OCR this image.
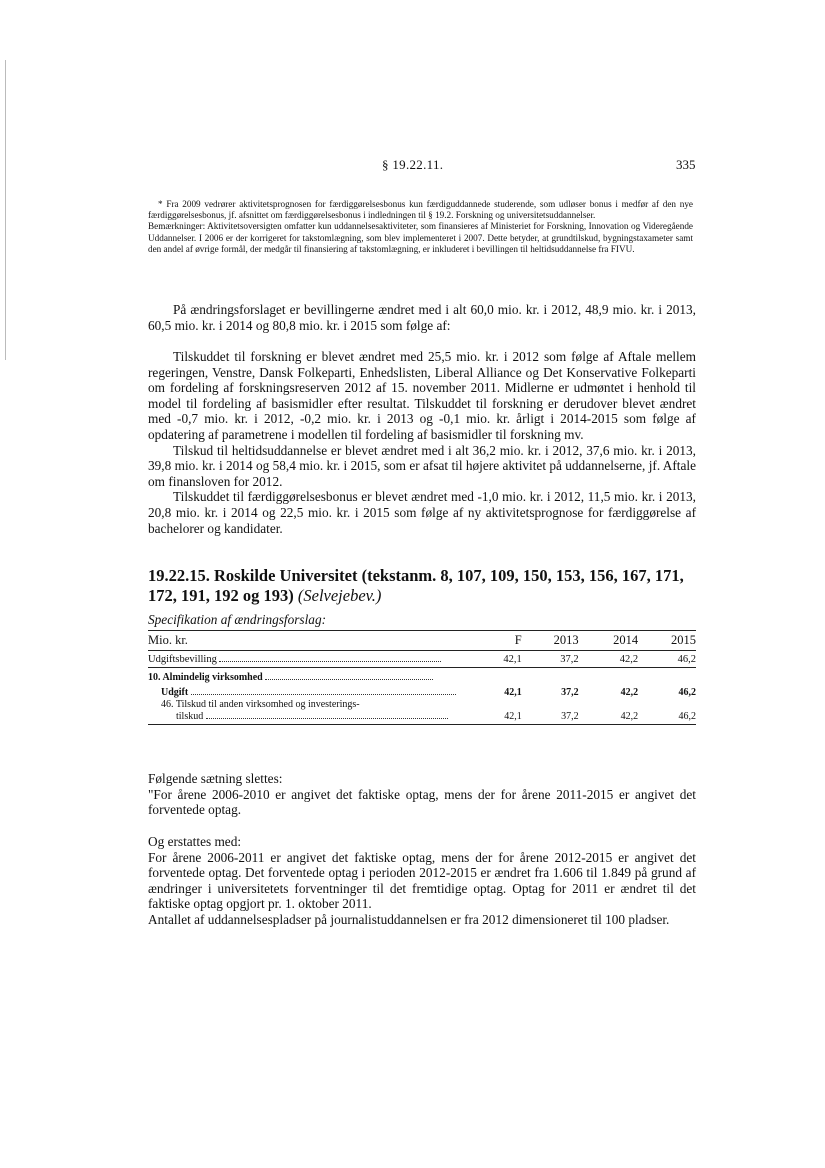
§ 19.22.11.	335

* Fra 2009 vedrører aktivitetsprognosen for færdiggørelsesbonus kun færdiguddannede studerende, som udløser bonus i medfør af den nye færdiggørelsesbonus, jf. afsnittet om færdiggørelsesbonus i indledningen til § 19.2. Forskning og universitetsuddannelser.

Bemærkninger: Aktivitetsoversigten omfatter kun uddannelsesaktiviteter, som finansieres af Ministeriet for Forskning, Innovation og Videregående Uddannelser. I 2006 er der korrigeret for takstomlægning, som blev implementeret i 2007. Dette betyder, at grundtilskud, bygningstaxameter samt den andel af øvrige formål, der medgår til finansiering af takstomlægning, er inkluderet i bevillingen til heltidsuddannelse fra FIVU.

På ændringsforslaget er bevillingerne ændret med i alt 60,0 mio. kr. i 2012, 48,9 mio. kr. i 2013, 60,5 mio. kr. i 2014 og 80,8 mio. kr. i 2015 som følge af:

Tilskuddet til forskning er blevet ændret med 25,5 mio. kr. i 2012 som følge af Aftale mellem regeringen, Venstre, Dansk Folkeparti, Enhedslisten, Liberal Alliance og Det Konservative Folkeparti om fordeling af forskningsreserven 2012 af 15. november 2011. Midlerne er udmøntet i henhold til model til fordeling af basismidler efter resultat. Tilskuddet til forskning er derudover blevet ændret med -0,7 mio. kr. i 2012, -0,2 mio. kr. i 2013 og -0,1 mio. kr. årligt i 2014-2015 som følge af opdatering af parametrene i modellen til fordeling af basismidler til forskning mv.

Tilskud til heltidsuddannelse er blevet ændret med i alt 36,2 mio. kr. i 2012, 37,6 mio. kr. i 2013, 39,8 mio. kr. i 2014 og 58,4 mio. kr. i 2015, som er afsat til højere aktivitet på uddannelserne, jf. Aftale om finansloven for 2012.

Tilskuddet til færdiggørelsesbonus er blevet ændret med -1,0 mio. kr. i 2012, 11,5 mio. kr. i 2013, 20,8 mio. kr. i 2014 og 22,5 mio. kr. i 2015 som følge af ny aktivitetsprognose for færdiggørelse af bachelorer og kandidater.

19.22.15. Roskilde Universitet (tekstanm. 8, 107, 109, 150, 153, 156, 167, 171, 172, 191, 192 og 193) (Selvejebev.)
Specifikation af ændringsforslag:
Mio. kr.	F	2013	2014	2015
Udgiftsbevilling	42,1	37,2	42,2	46,2
10. Almindelig virksomhed				
Udgift	42,1	37,2	42,2	46,2
46. Tilskud til anden virksomhed og investerings-				
tilskud	42,1	37,2	42,2	46,2

Følgende sætning slettes:

"For årene 2006-2010 er angivet det faktiske optag, mens der for årene 2011-2015 er angivet det forventede optag.

Og erstattes med:

For årene 2006-2011 er angivet det faktiske optag, mens der for årene 2012-2015 er angivet det forventede optag. Det forventede optag i perioden 2012-2015 er ændret fra 1.606 til 1.849 på grund af ændringer i universitetets forventninger til det fremtidige optag. Optag for 2011 er ændret til det faktiske optag opgjort pr. 1. oktober 2011.

Antallet af uddannelsespladser på journalistuddannelsen er fra 2012 dimensioneret til 100 pladser.
